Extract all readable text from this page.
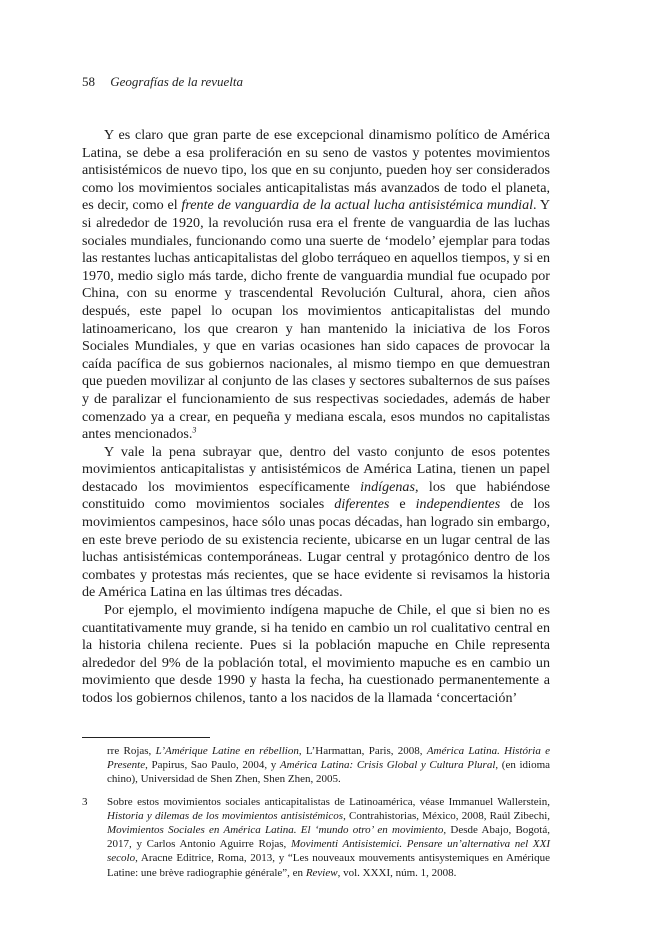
58 Geografías de la revuelta

Y es claro que gran parte de ese excepcional dinamismo político de América Latina, se debe a esa proliferación en su seno de vastos y potentes movimientos antisistémicos de nuevo tipo, los que en su conjunto, pueden hoy ser considerados como los movimientos sociales anticapitalistas más avanzados de todo el planeta, es decir, como el frente de vanguardia de la actual lucha antisistémica mundial. Y si alrededor de 1920, la revolución rusa era el frente de vanguardia de las luchas sociales mundiales, funcionando como una suerte de ‘modelo’ ejemplar para todas las restantes luchas anticapitalistas del globo terráqueo en aquellos tiempos, y si en 1970, medio siglo más tarde, dicho frente de vanguardia mundial fue ocupado por China, con su enorme y trascendental Revolución Cultural, ahora, cien años después, este papel lo ocupan los movimientos anticapitalistas del mundo latinoamericano, los que crearon y han mantenido la iniciativa de los Foros Sociales Mundiales, y que en varias ocasiones han sido capaces de provocar la caída pacífica de sus gobiernos nacionales, al mismo tiempo en que demuestran que pueden movilizar al conjunto de las clases y sectores subalternos de sus países y de paralizar el funcionamiento de sus respectivas sociedades, además de haber comenzado ya a crear, en pequeña y mediana escala, esos mundos no capitalistas antes mencionados.$^3$

Y vale la pena subrayar que, dentro del vasto conjunto de esos potentes movimientos anticapitalistas y antisistémicos de América Latina, tienen un papel destacado los movimientos específicamente indígenas, los que habiéndose constituido como movimientos sociales diferentes e independientes de los movimientos campesinos, hace sólo unas pocas décadas, han logrado sin embargo, en este breve periodo de su existencia reciente, ubicarse en un lugar central de las luchas antisistémicas contemporáneas. Lugar central y protagónico dentro de los combates y protestas más recientes, que se hace evidente si revisamos la historia de América Latina en las últimas tres décadas.

Por ejemplo, el movimiento indígena mapuche de Chile, el que si bien no es cuantitativamente muy grande, si ha tenido en cambio un rol cualitativo central en la historia chilena reciente. Pues si la población mapuche en Chile representa alrededor del 9% de la población total, el movimiento mapuche es en cambio un movimiento que desde 1990 y hasta la fecha, ha cuestionado permanentemente a todos los gobiernos chilenos, tanto a los nacidos de la llamada ‘concertación’

rre Rojas, L’Amérique Latine en rébellion, L’Harmattan, Paris, 2008, América Latina. História e Presente, Papirus, Sao Paulo, 2004, y América Latina: Crisis Global y Cultura Plural, (en idioma chino), Universidad de Shen Zhen, Shen Zhen, 2005.
3	Sobre estos movimientos sociales anticapitalistas de Latinoamérica, véase Immanuel Wallerstein, Historia y dilemas de los movimientos antisistémicos, Contrahistorias, México, 2008, Raúl Zibechi, Movimientos Sociales en América Latina. El ‘mundo otro’ en movimiento, Desde Abajo, Bogotá, 2017, y Carlos Antonio Aguirre Rojas, Movimenti Antisistemici. Pensare un’alternativa nel XXI secolo, Aracne Editrice, Roma, 2013, y “Les nouveaux mouvements antisystemiques en Amérique Latine: une brève radiographie générale”, en Review, vol. XXXI, núm. 1, 2008.
